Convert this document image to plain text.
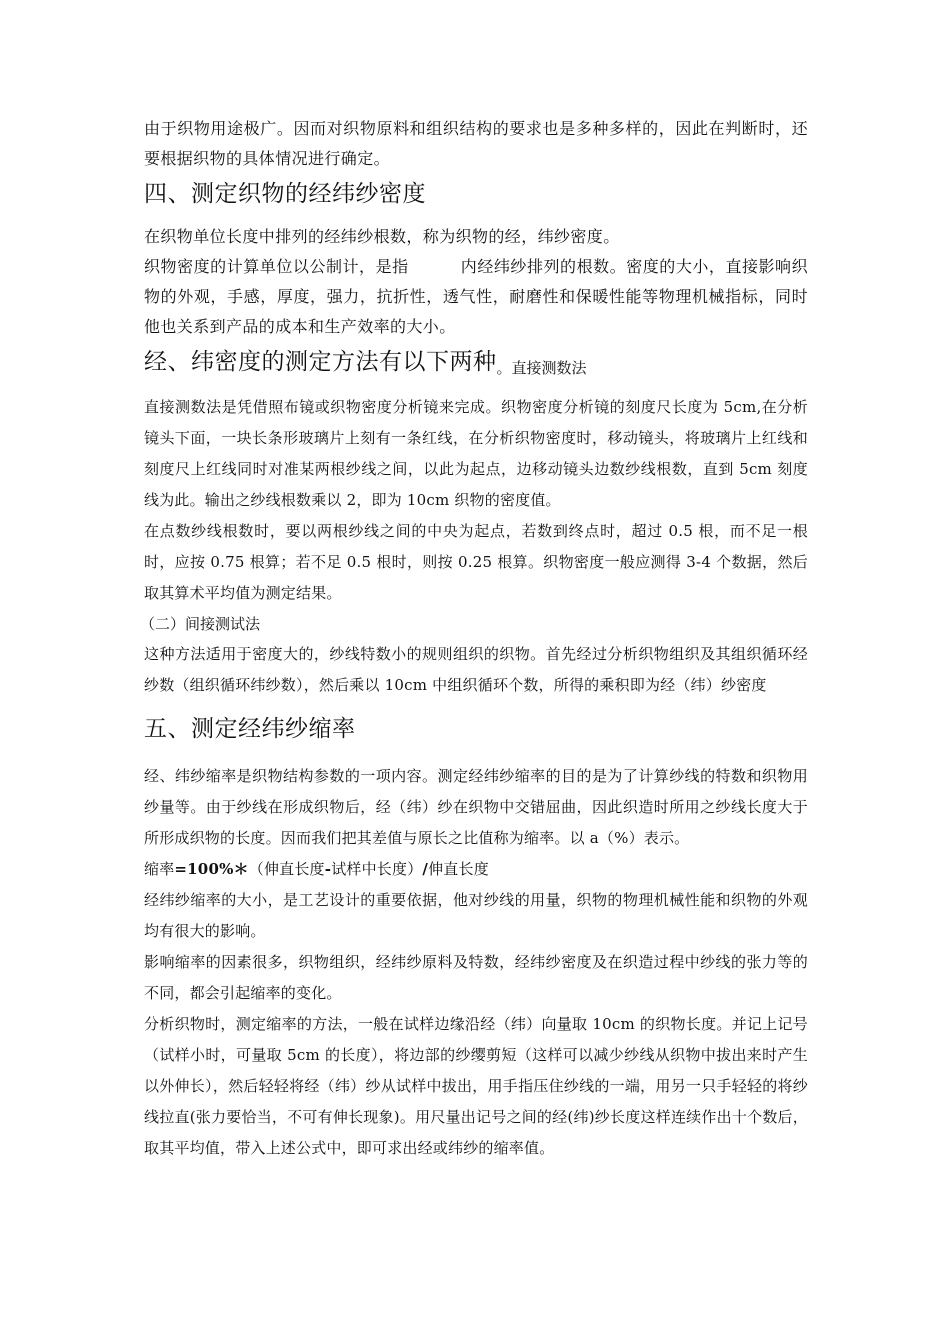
由于织物用途极广。因而对织物原料和组织结构的要求也是多种多样的，因此在判断时，还要根据织物的具体情况进行确定。

四、测定织物的经纬纱密度

在织物单位长度中排列的经纬纱根数，称为织物的经，纬纱密度。

织物密度的计算单位以公制计，是指	内经纬纱排列的根数。密度的大小，直接影响织物的外观，手感，厚度，强力，抗折性，透气性，耐磨性和保暖性能等物理机械指标，同时他也关系到产品的成本和生产效率的大小。

经、纬密度的测定方法有以下两种$_{。直接测数法}$

直接测数法是凭借照布镜或织物密度分析镜来完成。织物密度分析镜的刻度尺长度为 5cm,在分析镜头下面，一块长条形玻璃片上刻有一条红线，在分析织物密度时，移动镜头，将玻璃片上红线和刻度尺上红线同时对准某两根纱线之间，以此为起点，边移动镜头边数纱线根数，直到 5cm 刻度线为此。输出之纱线根数乘以 2，即为 10cm 织物的密度值。

在点数纱线根数时，要以两根纱线之间的中央为起点，若数到终点时，超过 0.5 根，而不足一根时，应按 0.75 根算；若不足 0.5 根时，则按 0.25 根算。织物密度一般应测得 3-4 个数据，然后取其算术平均值为测定结果。

（二）间接测试法

这种方法适用于密度大的，纱线特数小的规则组织的织物。首先经过分析织物组织及其组织循环经纱数（组织循环纬纱数），然后乘以 10cm 中组织循环个数，所得的乘积即为经（纬）纱密度

五、测定经纬纱缩率

经、纬纱缩率是织物结构参数的一项内容。测定经纬纱缩率的目的是为了计算纱线的特数和织物用纱量等。由于纱线在形成织物后，经（纬）纱在织物中交错屈曲，因此织造时所用之纱线长度大于所形成织物的长度。因而我们把其差值与原长之比值称为缩率。以 a（%）表示。

缩率=100%＊（伸直长度-试样中长度）/伸直长度

经纬纱缩率的大小，是工艺设计的重要依据，他对纱线的用量，织物的物理机械性能和织物的外观均有很大的影响。

影响缩率的因素很多，织物组织，经纬纱原料及特数，经纬纱密度及在织造过程中纱线的张力等的不同，都会引起缩率的变化。

分析织物时，测定缩率的方法，一般在试样边缘沿经（纬）向量取 10cm 的织物长度。并记上记号（试样小时，可量取 5cm 的长度），将边部的纱缨剪短（这样可以减少纱线从织物中拔出来时产生以外伸长），然后轻轻将经（纬）纱从试样中拔出，用手指压住纱线的一端，用另一只手轻轻的将纱线拉直(张力要恰当，不可有伸长现象)。用尺量出记号之间的经(纬)纱长度这样连续作出十个数后，取其平均值，带入上述公式中，即可求出经或纬纱的缩率值。
